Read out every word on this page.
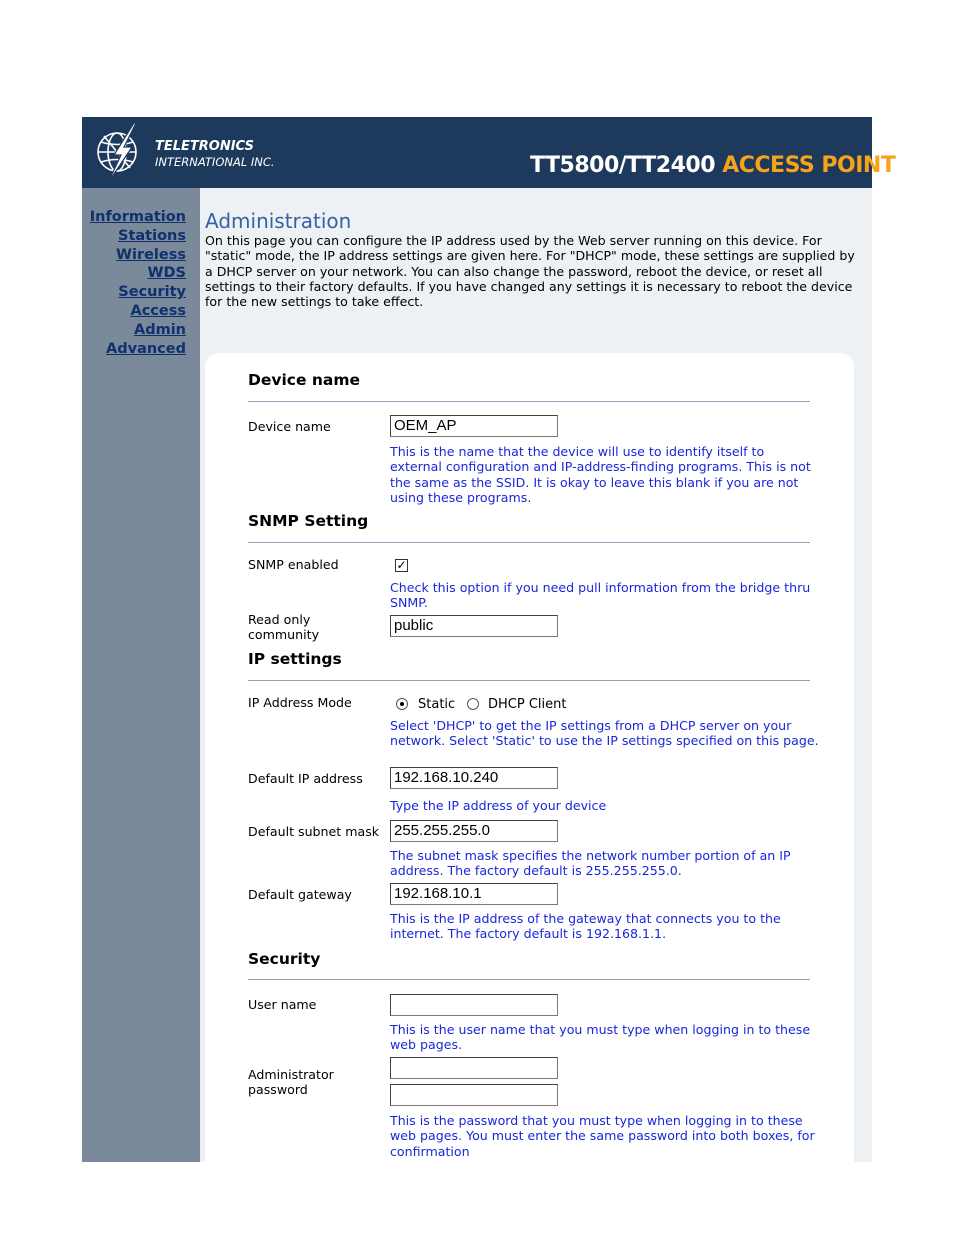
TELETRONICS
INTERNATIONAL INC.	TT5800/TT2400 ACCESS POINT
Information
Stations
Wireless
WDS
Security
Access
Admin
Advanced
Administration
On this page you can configure the IP address used by the Web server running on this device. For "static" mode, the IP address settings are given here. For "DHCP" mode, these settings are supplied by a DHCP server on your network. You can also change the password, reboot the device, or reset all settings to their factory defaults. If you have changed any settings it is necessary to reboot the device for the new settings to take effect.
Device name
Device name	OEM_AP
This is the name that the device will use to identify itself to external configuration and IP-address-finding programs. This is not the same as the SSID. It is okay to leave this blank if you are not using these programs.
SNMP Setting
SNMP enabled	✓
Check this option if you need pull information from the bridge thru SNMP.
Read only community
public
IP settings
IP Address Mode	Static	DHCP Client
Select 'DHCP' to get the IP settings from a DHCP server on your network. Select 'Static' to use the IP settings specified on this page.
Default IP address 192.168.10.240
Type the IP address of your device
Default subnet mask 255.255.255.0
The subnet mask specifies the network number portion of an IP address. The factory default is 255.255.255.0.
Default gateway	192.168.10.1
This is the IP address of the gateway that connects you to the internet. The factory default is 192.168.1.1.
Security
User name
This is the user name that you must type when logging in to these web pages.
Administrator password
This is the password that you must type when logging in to these web pages. You must enter the same password into both boxes, for confirmation
